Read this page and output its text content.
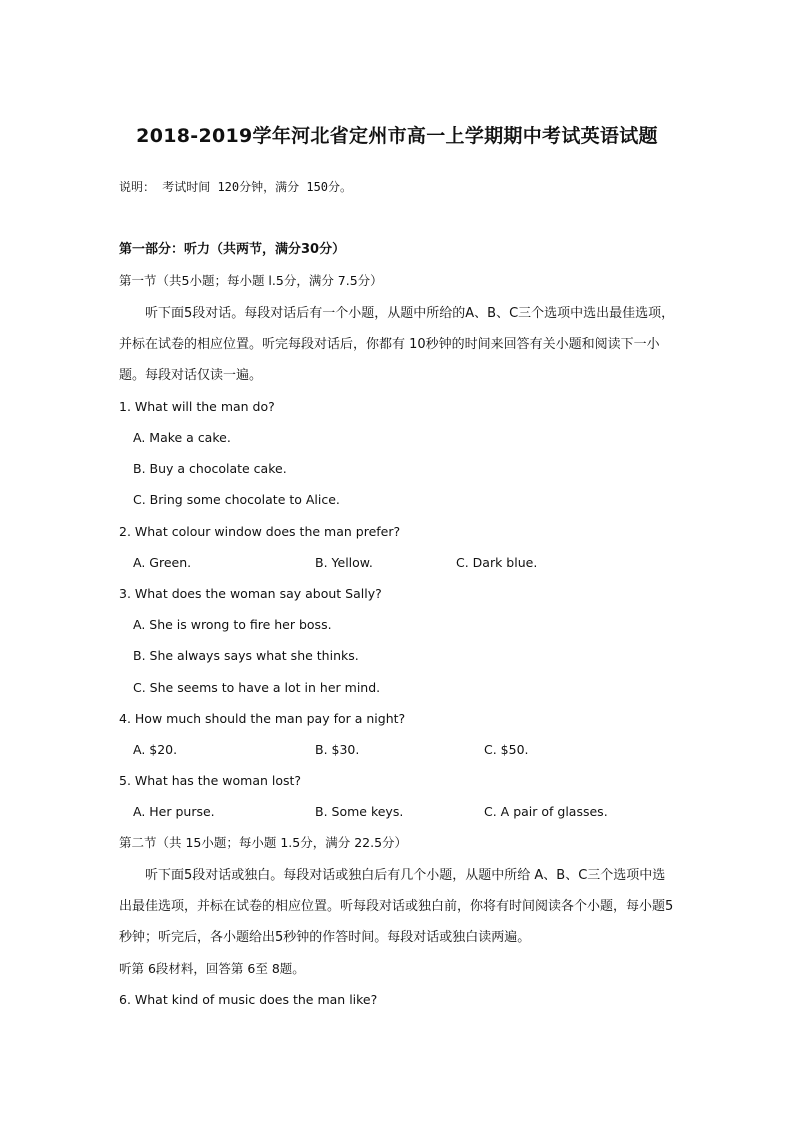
2018-2019学年河北省定州市高一上学期期中考试英语试题
说明： 考试时间 120分钟，满分 150分。
第一部分：听力（共两节，满分30分）
第一节（共5小题；每小题 l.5分，满分 7.5分）

听下面5段对话。每段对话后有一个小题，从题中所给的A、B、C三个选项中选出最佳选项，并标在试卷的相应位置。听完每段对话后，你都有 10秒钟的时间来回答有关小题和阅读下一小题。每段对话仅读一遍。

1. What will the man do?
A. Make a cake.
B. Buy a chocolate cake.
C. Bring some chocolate to Alice.
2. What colour window does the man prefer?
A. Green.	B. Yellow.	C. Dark blue.
3. What does the woman say about Sally?
A. She is wrong to fire her boss.
B. She always says what she thinks.
C. She seems to have a lot in her mind.
4. How much should the man pay for a night?
A. $20.	B. $30.	C. $50.
5. What has the woman lost?
A. Her purse.	B. Some keys.	C. A pair of glasses.
第二节（共 15小题；每小题 1.5分，满分 22.5分）

听下面5段对话或独白。每段对话或独白后有几个小题，从题中所给 A、B、C三个选项中选出最佳选项，并标在试卷的相应位置。听每段对话或独白前，你将有时间阅读各个小题，每小题5秒钟；听完后，各小题给出5秒钟的作答时间。每段对话或独白读两遍。

听第 6段材料，回答第 6至 8题。
6. What kind of music does the man like?
